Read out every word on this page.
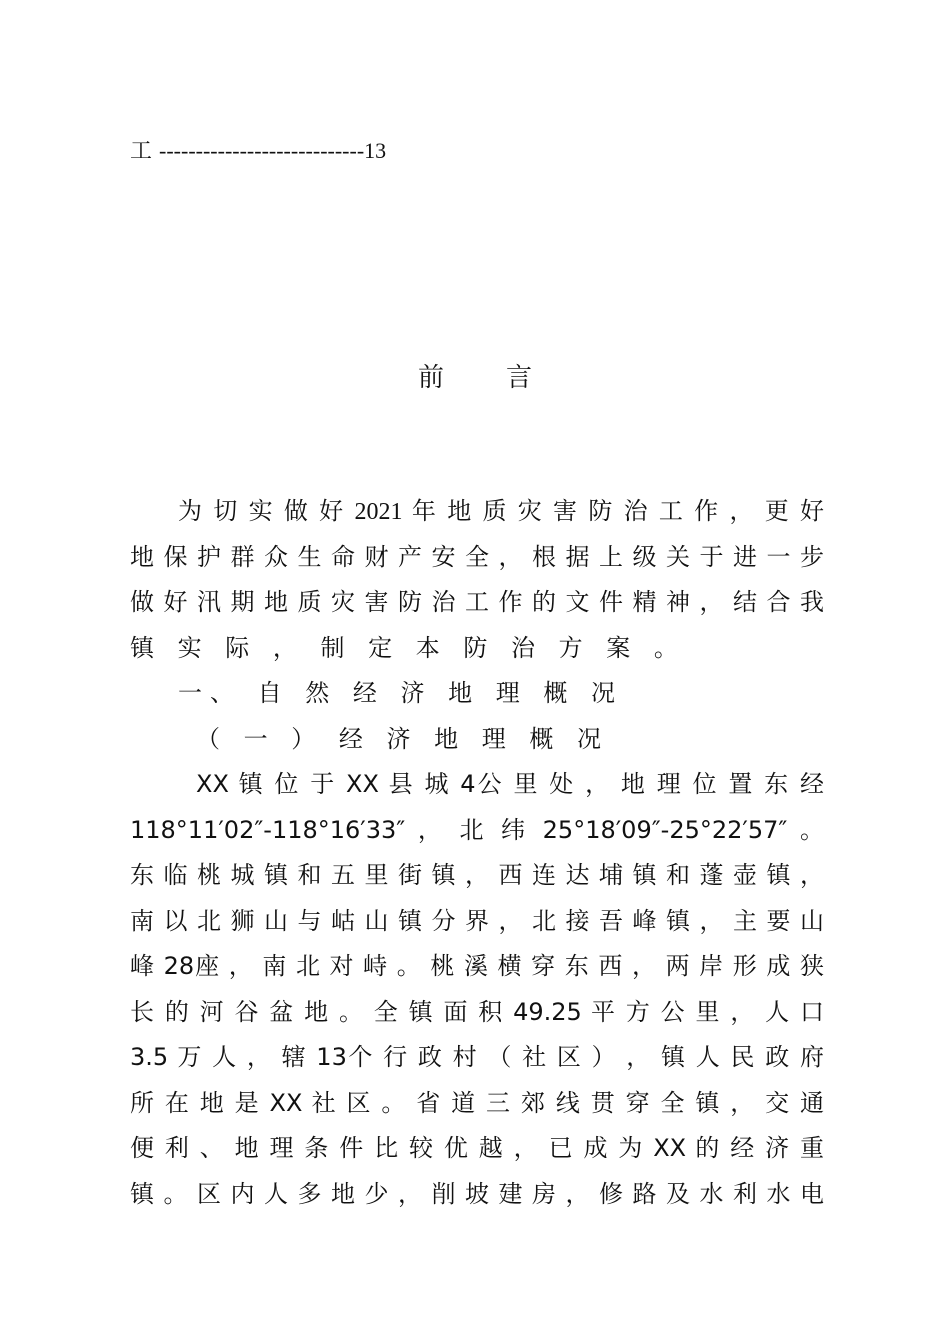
工 ----------------------------13
前 言
为 切 实 做 好 2021 年 地 质 灾 害 防 治 工 作 ， 更 好
地 保 护 群 众 生 命 财 产 安 全 ， 根 据 上 级 关 于 进 一 步
做 好 汛 期 地 质 灾 害 防 治 工 作 的 文 件 精 神 ， 结 合 我
镇 实 际 ， 制 定 本 防 治 方 案 。
一、 自 然 经 济 地 理 概 况
（ 一 ） 经 济 地 理 概 况
XX 镇 位 于 XX 县 城 4公 里 处 ， 地 理 位 置 东 经
118°11′02″-118°16′33″ ， 北 纬 25°18′09″-25°22′57″ 。
东 临 桃 城 镇 和 五 里 街 镇 ， 西 连 达 埔 镇 和 蓬 壶 镇 ，
南 以 北 狮 山 与 岵 山 镇 分 界 ， 北 接 吾 峰 镇 ， 主 要 山
峰 28座 ， 南 北 对 峙 。 桃 溪 横 穿 东 西 ， 两 岸 形 成 狭
长 的 河 谷 盆 地 。 全 镇 面 积 49.25 平 方 公 里 ， 人 口
3.5 万 人 ， 辖 13个 行 政 村 （ 社 区 ） ， 镇 人 民 政 府
所 在 地 是 XX 社 区 。 省 道 三 郊 线 贯 穿 全 镇 ， 交 通
便 利 、 地 理 条 件 比 较 优 越 ， 已 成 为 XX 的 经 济 重
镇 。 区 内 人 多 地 少 ， 削 坡 建 房 ， 修 路 及 水 利 水 电
